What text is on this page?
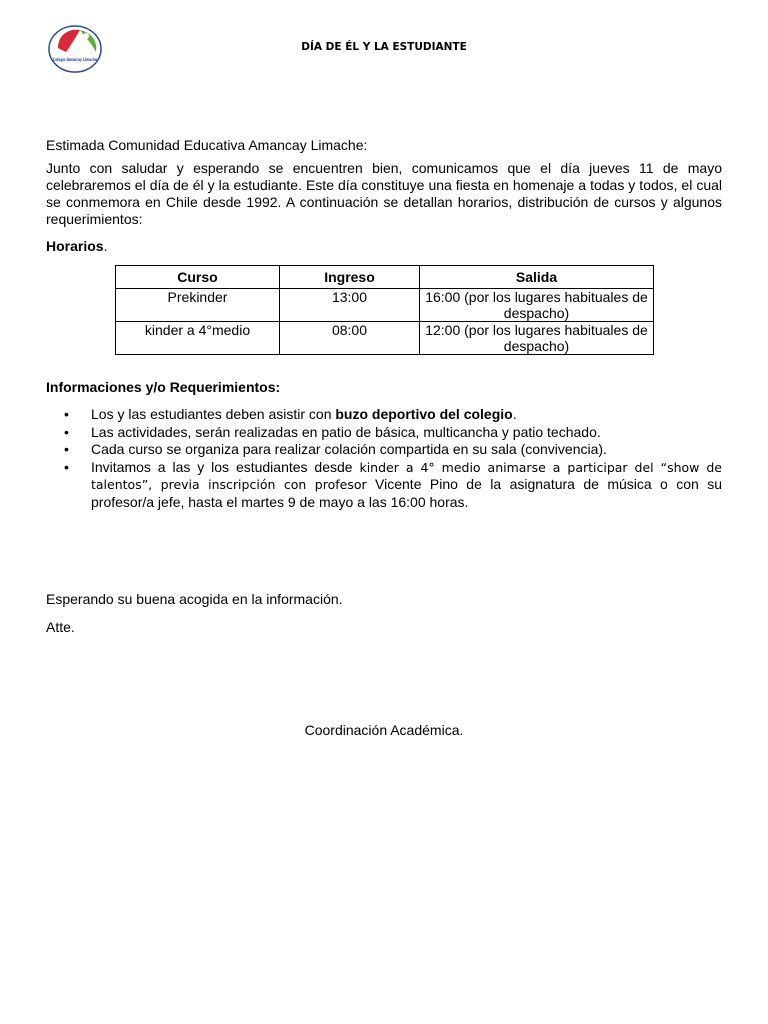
Colegio Amancay Limache
DÍA DE ÉL Y LA ESTUDIANTE

Estimada Comunidad Educativa Amancay Limache:

Junto con saludar y esperando se encuentren bien, comunicamos que el día jueves 11 de mayo celebraremos el día de él y la estudiante. Este día constituye una fiesta en homenaje a todas y todos, el cual se conmemora en Chile desde 1992. A continuación se detallan horarios, distribución de cursos y algunos requerimientos:

Horarios.

Curso	Ingreso	Salida
Prekinder	13:00	16:00 (por los lugares habituales de despacho)
kinder a 4°medio	08:00	12:00 (por los lugares habituales de despacho)

Informaciones y/o Requerimientos:

• Los y las estudiantes deben asistir con buzo deportivo del colegio.
• Las actividades, serán realizadas en patio de básica, multicancha y patio techado.
• Cada curso se organiza para realizar colación compartida en su sala (convivencia).
• Invitamos a las y los estudiantes desde kinder a 4° medio animarse a participar del “show de talentos”, previa inscripción con profesor Vicente Pino de la asignatura de música o con su profesor/a jefe, hasta el martes 9 de mayo a las 16:00 horas.

Esperando su buena acogida en la información.

Atte.

Coordinación Académica.
